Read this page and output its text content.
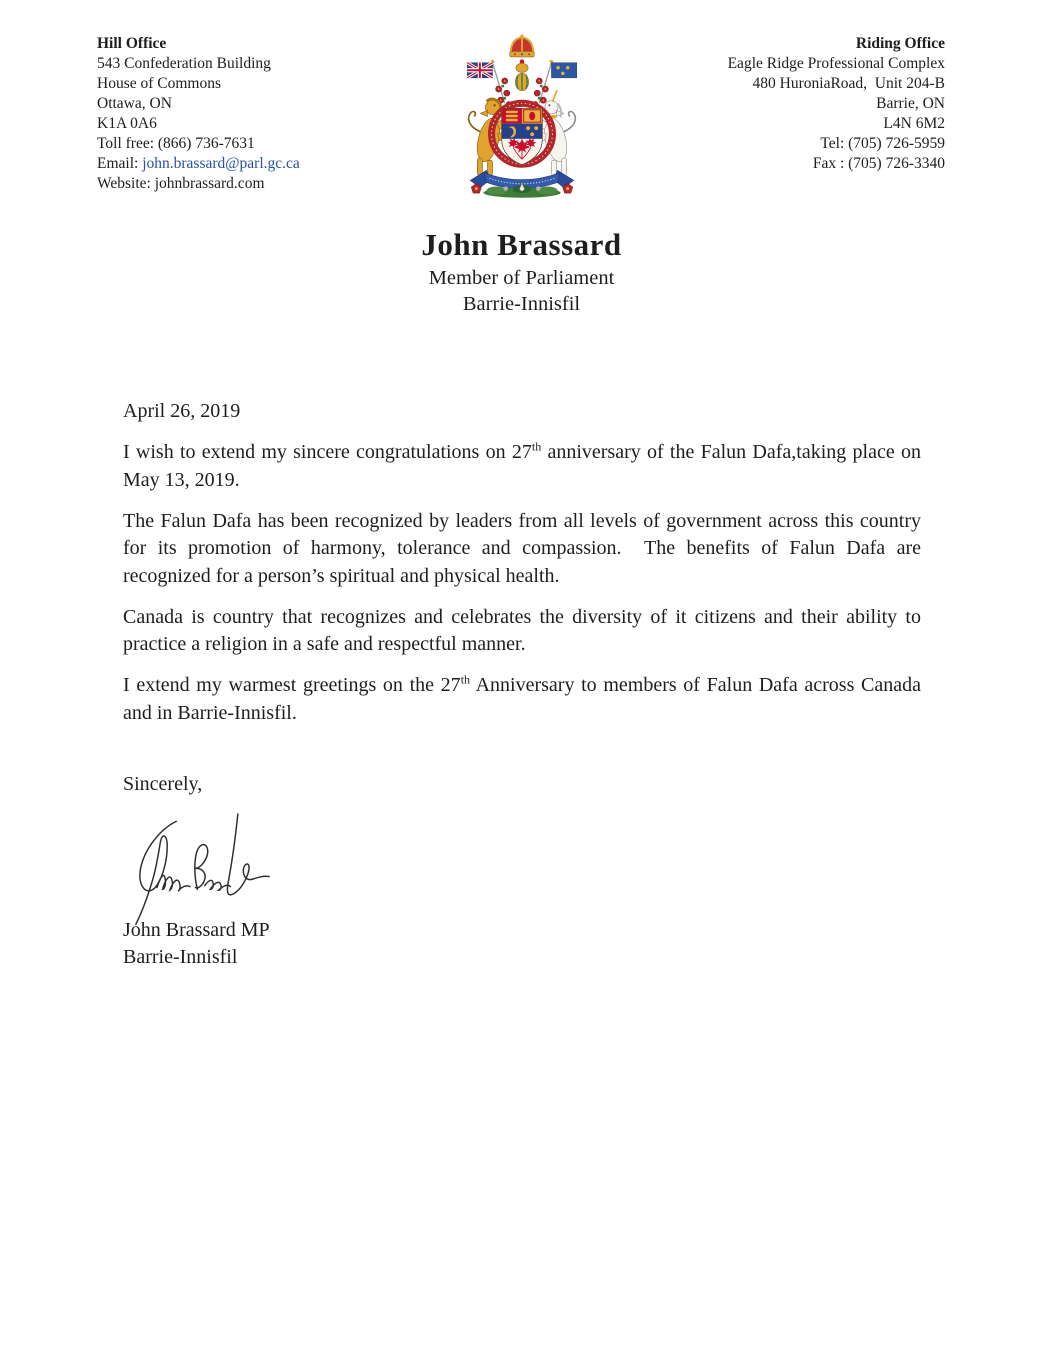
Hill Office
543 Confederation Building
House of Commons
Ottawa, ON
K1A 0A6
Toll free: (866) 736-7631
Email: john.brassard@parl.gc.ca
Website: johnbrassard.com
Riding Office
Eagle Ridge Professional Complex
480 HuroniaRoad,  Unit 204-B
Barrie, ON
L4N 6M2
Tel: (705) 726-5959
Fax : (705) 726-3340
John Brassard
Member of Parliament
Barrie-Innisfil

April 26, 2019

I wish to extend my sincere congratulations on 27th anniversary of the Falun Dafa,taking place on May 13, 2019.

The Falun Dafa has been recognized by leaders from all levels of government across this country for its promotion of harmony, tolerance and compassion.  The benefits of Falun Dafa are recognized for a person’s spiritual and physical health.

Canada is country that recognizes and celebrates the diversity of it citizens and their ability to practice a religion in a safe and respectful manner.

I extend my warmest greetings on the 27th Anniversary to members of Falun Dafa across Canada and in Barrie-Innisfil.

Sincerely,

John Brassard MP

Barrie-Innisfil
